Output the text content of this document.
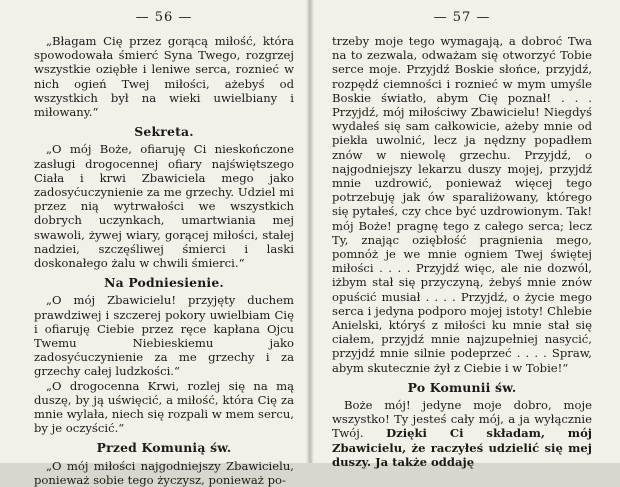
— 56 —

„Błagam Cię przez gorącą miłość, która spowodowała śmierć Syna Twego, rozgrzej wszystkie oziębłe i leniwe serca, roznieć w nich ogień Twej miłości, ażebyś od wszystkich był na wieki uwielbiany i miłowany.“

Sekreta.

„O mój Boże, ofiaruję Ci nieskończone zasługi drogocennej ofiary najświętszego Ciała i krwi Zbawiciela mego jako zadosyćuczynienie za me grzechy. Udziel mi przez nią wytrwałości we wszystkich dobrych uczynkach, umartwiania mej swawoli, żywej wiary, gorącej miłości, stałej nadziei, szczęśliwej śmierci i laski doskonałego żalu w chwili śmierci.“

Na Podniesienie.

„O mój Zbawicielu! przyjęty duchem prawdziwej i szczerej pokory uwielbiam Cię i ofiaruję Ciebie przez ręce kapłana Ojcu Twemu Niebieskiemu jako zadosyćuczynienie za me grzechy i za grzechy całej ludzkości.“

„O drogocenna Krwi, rozlej się na mą duszę, by ją uświęcić, a miłość, która Cię za mnie wylała, niech się rozpali w mem sercu, by je oczyścić.“

Przed Komunią św.

„O mój miłości najgodniejszy Zbawicielu, ponieważ sobie tego życzysz, ponieważ po-

— 57 —

trzeby moje tego wymagają, a dobroć Twa na to zezwala, odważam się otworzyć Tobie serce moje. Przyjdź Boskie słońce, przyjdź, rozpędź ciemności i roznieć w mym umyśle Boskie światło, abym Cię poznał! . . . Przyjdź, mój miłościwy Zbawicielu! Niegdyś wydałeś się sam całkowicie, ażeby mnie od piekła uwolnić, lecz ja nędzny popadłem znów w niewolę grzechu. Przyjdź, o najgodniejszy lekarzu duszy mojej, przyjdź mnie uzdrowić, ponieważ więcej tego potrzebuję jak ów sparaliżowany, którego się pytałeś, czy chce być uzdrowionym. Tak! mój Boże! pragnę tego z całego serca; lecz Ty, znając oziębłość pragnienia mego, pomnóż je we mnie ogniem Twej świętej miłości . . . . Przyjdź więc, ale nie dozwól, iżbym stał się przyczyną, żebyś mnie znów opuścić musiał . . . . Przyjdź, o życie mego serca i jedyna podporo mojej istoty! Chlebie Anielski, któryś z miłości ku mnie stał się ciałem, przyjdź mnie najzupełniej nasycić, przyjdź mnie silnie podeprzeć . . . . Spraw, abym skutecznie żył z Ciebie i w Tobie!“

Po Komunii św.

Boże mój! jedyne moje dobro, moje wszystko! Ty jesteś cały mój, a ja wyłącznie Twój. Dzięki Ci składam, mój Zbawicielu, że raczyłeś udzielić się mej duszy. Ja także oddaję
